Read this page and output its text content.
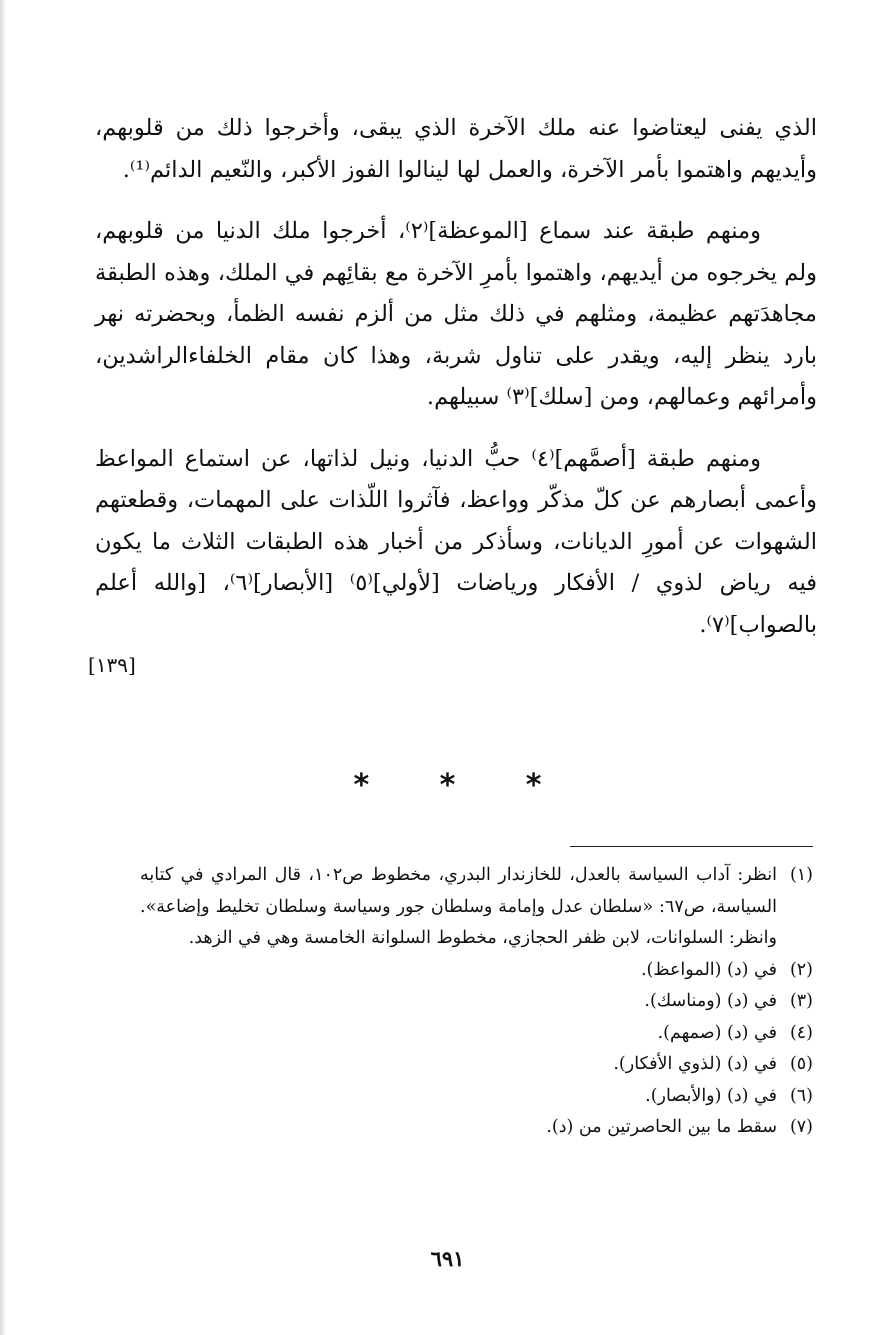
الذي يفنى ليعتاضوا عنه ملك الآخرة الذي يبقى، وأخرجوا ذلك من قلوبهم، وأيديهم واهتموا بأمر الآخرة، والعمل لها لينالوا الفوز الأكبر، والنّعيم الدائم⁽¹⁾.

ومنهم طبقة عند سماع [الموعظة]⁽٢⁾، أخرجوا ملك الدنيا من قلوبهم، ولم يخرجوه من أيديهم، واهتموا بأمرِ الآخرة مع بقائِهم في الملك، وهذه الطبقة مجاهدَتهم عظيمة، ومثلهم في ذلك مثل من ألزم نفسه الظمأ، وبحضرته نهر بارد ينظر إليه، ويقدر على تناول شربة، وهذا كان مقام الخلفاءالراشدين، وأمرائهم وعمالهم، ومن [سلك]⁽٣⁾ سبيلهم.

ومنهم طبقة [أصمَّهم]⁽٤⁾ حبُّ الدنيا، ونيل لذاتها، عن استماع المواعظ وأعمى أبصارهم عن كلّ مذكّر وواعظ، فآثروا اللّذات على المهمات، وقطعتهم الشهوات عن أمورِ الديانات، وسأذكر من أخبار هذه الطبقات الثلاث ما يكون فيه رياض لذوي / الأفكار ورياضات [لأولي]⁽٥⁾ [الأبصار]⁽٦⁾، [والله أعلم بالصواب]⁽٧⁾.

[١٣٩]
* * *
(١)
انظر: آداب السياسة بالعدل، للخازندار البدري، مخطوط ص١٠٢، قال المرادي في كتابه السياسة، ص٦٧: «سلطان عدل وإمامة وسلطان جور وسياسة وسلطان تخليط وإضاعة». وانظر: السلوانات، لابن ظفر الحجازي، مخطوط السلوانة الخامسة وهي في الزهد.
(٢)
في (د) (المواعظ).
(٣)
في (د) (ومناسك).
(٤)
في (د) (صمهم).
(٥)
في (د) (لذوي الأفكار).
(٦)
في (د) (والأبصار).
(٧)
سقط ما بين الحاصرتين من (د).
٦٩١
